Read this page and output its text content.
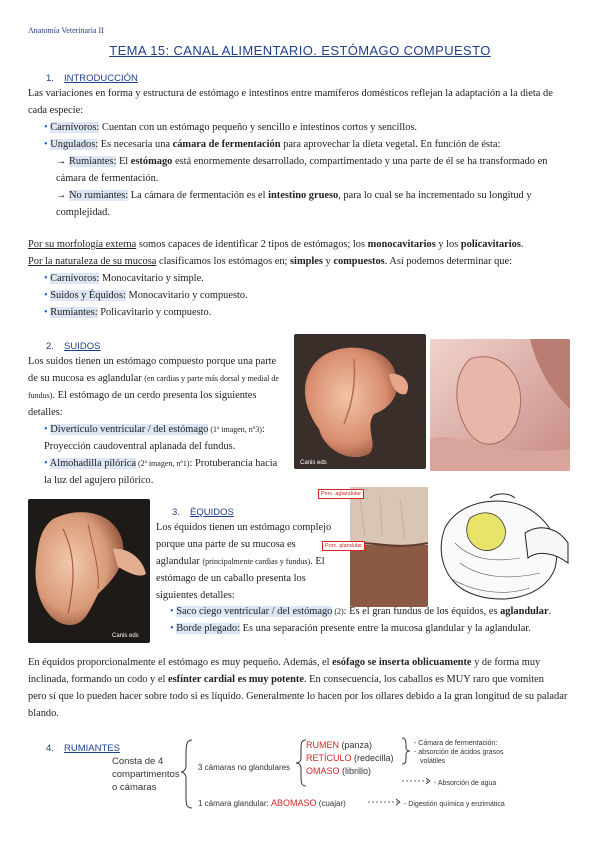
Anatomía Veterinaria II
TEMA 15: CANAL ALIMENTARIO. ESTÓMAGO COMPUESTO
1. INTRODUCCIÓN
Las variaciones en forma y estructura de estómago e intestinos entre mamíferos domésticos reflejan la adaptación a la dieta de
cada especie:
• Carnívoros: Cuentan con un estómago pequeño y sencillo e intestinos cortos y sencillos.
• Ungulados: Es necesaria una cámara de fermentación para aprovechar la dieta vegetal. En función de ésta:
→ Rumiantes: El estómago está enormemente desarrollado, compartimentado y una parte de él se ha transformado en
cámara de fermentación.
→ No rumiantes: La cámara de fermentación es el intestino grueso, para lo cual se ha incrementado su longitud y
complejidad.
Por su morfología externa somos capaces de identificar 2 tipos de estómagos; los monocavitarios y los policavitarios.
Por la naturaleza de su mucosa clasificamos los estómagos en; simples y compuestos. Así podemos determinar que:
• Carnívoros: Monocavitario y simple.
• Suidos y Équidos: Monocavitario y compuesto.
• Rumiantes: Policavitario y compuesto.
2. SUIDOS
Los suidos tienen un estómago compuesto porque una parte
de su mucosa es aglandular (en cardias y parte más dorsal y medial de
fundus). El estómago de un cerdo presenta los siguientes
detalles:
• Divertículo ventricular / del estómago (1ª imagen, nº3):
Proyección caudoventral aplanada del fundus.
• Almohadilla pilórica (2ª imagen, nº1): Protuberancia hacia
la luz del agujero pilórico.
Canis eds
Canis eds
3. ÉQUIDOS
Los équidos tienen un estómago complejo
porque una parte de su mucosa es
aglandular (principalmente cardias y fundus). El
estómago de un caballo presenta los
siguientes detalles:
Porc. aglandular
Porc. glandular
• Saco ciego ventricular / del estómago (2): Es el gran fundus de los équidos, es aglandular.
• Borde plegado: Es una separación presente entre la mucosa glandular y la aglandular.
En équidos proporcionalmente el estómago es muy pequeño. Además, el esófago se inserta oblicuamente y de forma muy
inclinada, formando un codo y el esfínter cardial es muy potente. En consecuencia, los caballos es MUY raro que vomiten
pero sí que lo pueden hacer sobre todo si es líquido. Generalmente lo hacen por los ollares debido a la gran longitud de su paladar
blando.
4. RUMIANTES
Consta de 4
compartimentos
o cámaras
3 cámaras no glandulares
RUMEN (panza)
RETÍCULO (redecilla)
OMASO (librillo)
- Cámara de fermentación:
- absorción de ácidos grasos
volátiles
- Absorción de agua
1 cámara glandular: ABOMASO (cuajar)	- Digestión química y enzimática
